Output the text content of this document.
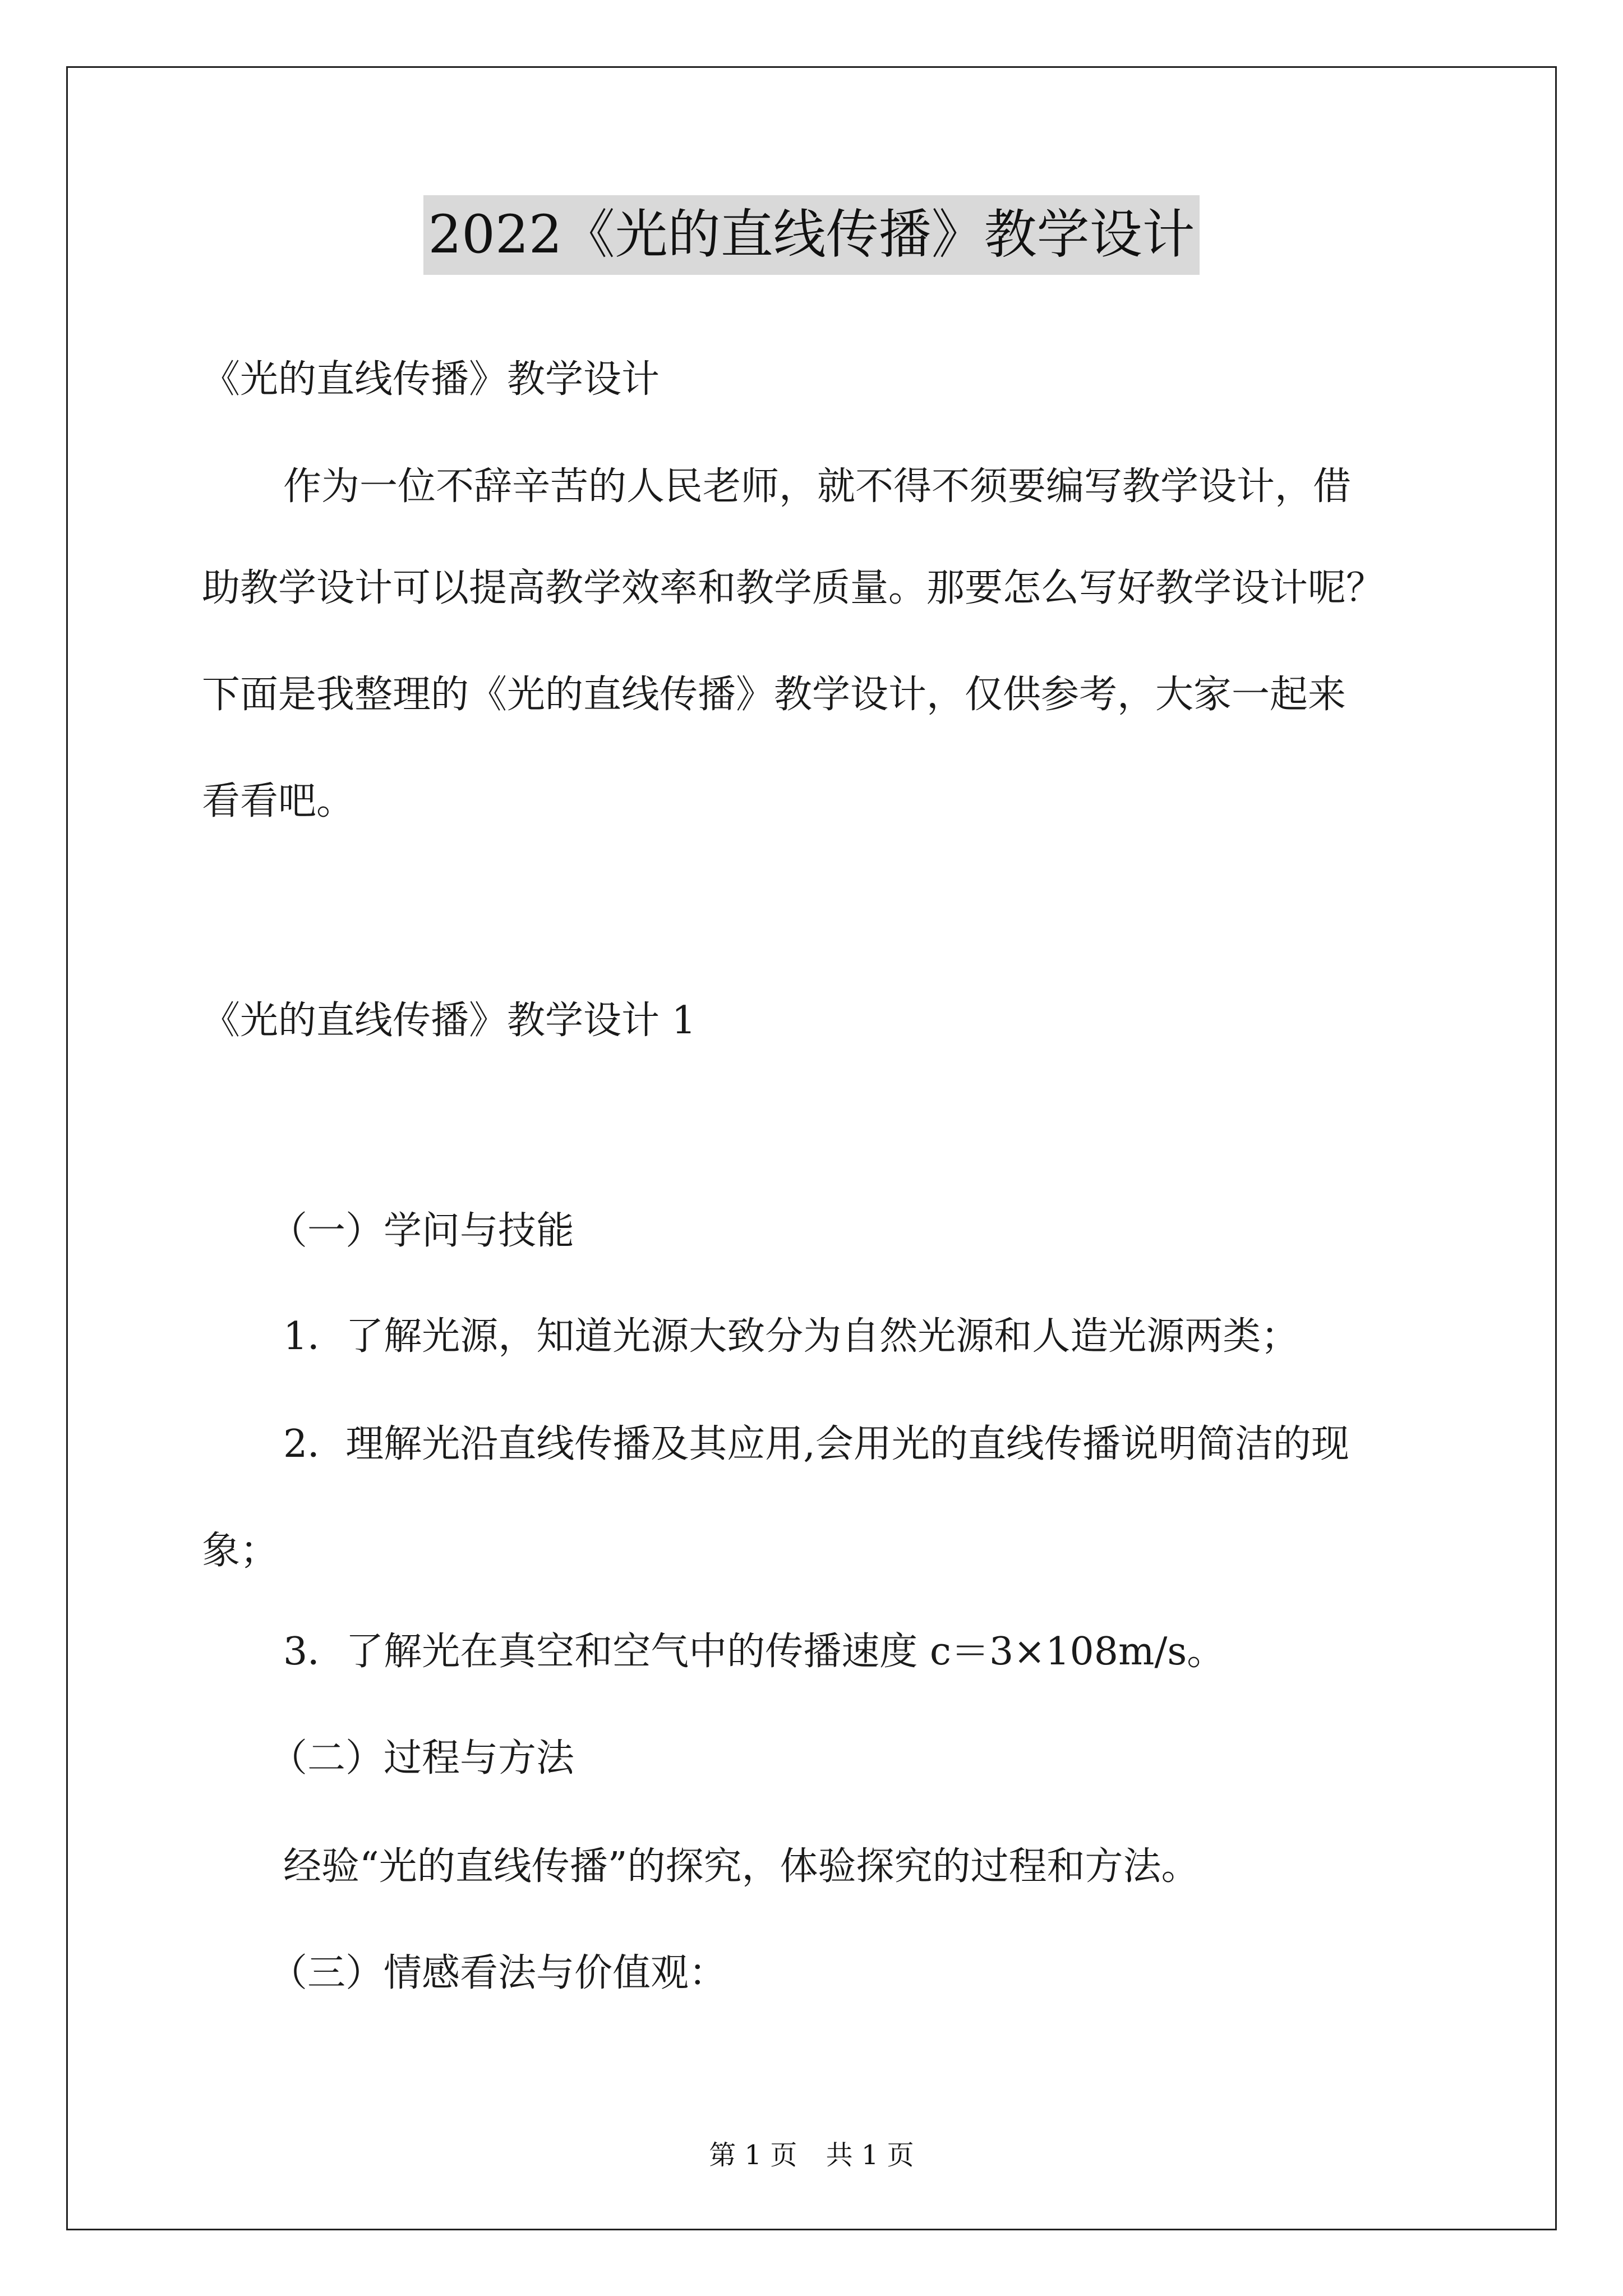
2022《光的直线传播》教学设计
《光的直线传播》教学设计
作为一位不辞辛苦的人民老师，就不得不须要编写教学设计，借
助教学设计可以提高教学效率和教学质量。那要怎么写好教学设计呢？
下面是我整理的《光的直线传播》教学设计，仅供参考，大家一起来
看看吧。
《光的直线传播》教学设计 1
（一）学问与技能
1．了解光源，知道光源大致分为自然光源和人造光源两类；
2．理解光沿直线传播及其应用,会用光的直线传播说明简洁的现
象；
3．了解光在真空和空气中的传播速度 c＝3×108m/s。
（二）过程与方法
经验“光的直线传播”的探究，体验探究的过程和方法。
（三）情感看法与价值观：
第 1 页 共 1 页
